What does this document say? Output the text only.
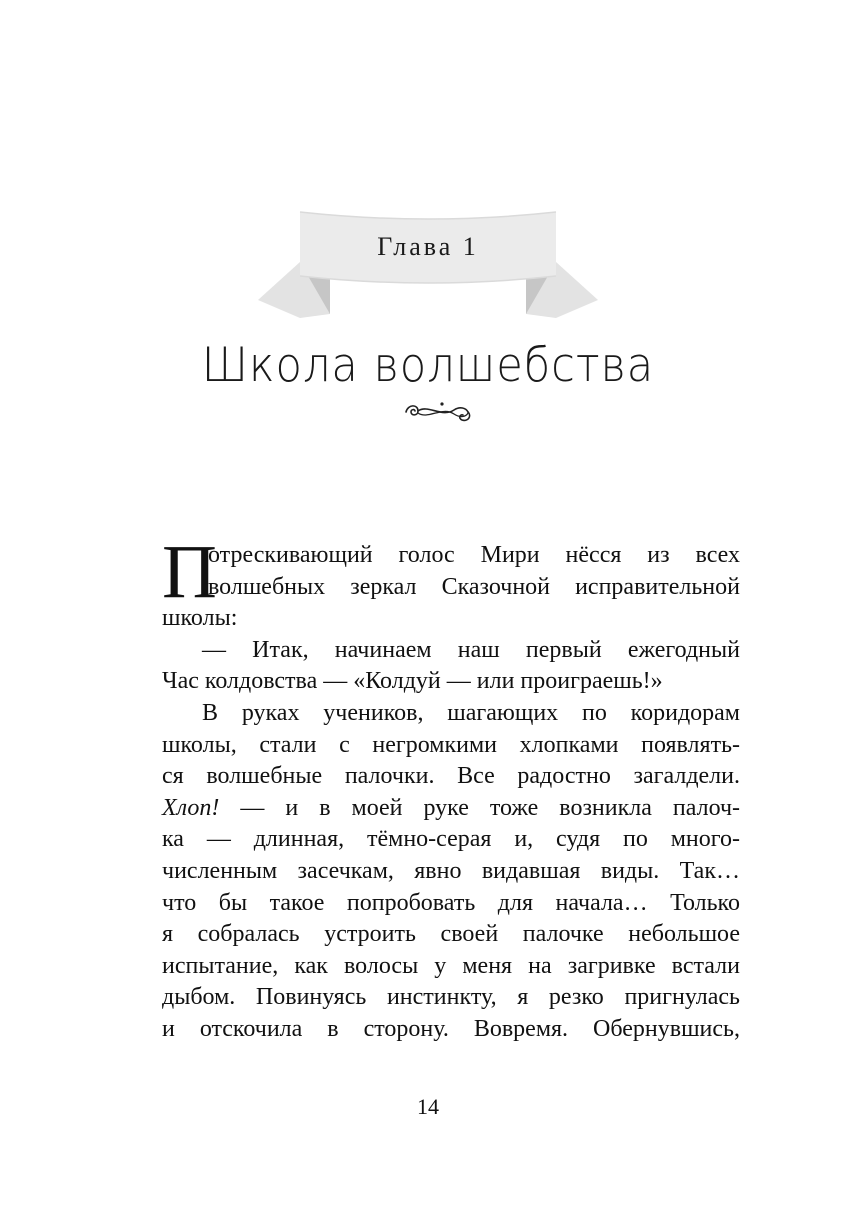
Глава 1
Школа волшебства
П
отрескивающий голос Мири нёсся из всех
волшебных зеркал Сказочной исправительной
школы:
— Итак, начинаем наш первый ежегодный
Час колдовства — «Колдуй — или проиграешь!»
В руках учеников, шагающих по коридорам
школы, стали с негромкими хлопками появлять-
ся волшебные палочки. Все радостно загалдели.
Хлоп! — и в моей руке тоже возникла палоч-
ка — длинная, тёмно-серая и, судя по много-
численным засечкам, явно видавшая виды. Так…
что бы такое попробовать для начала… Только
я собралась устроить своей палочке небольшое
испытание, как волосы у меня на загривке встали
дыбом. Повинуясь инстинкту, я резко пригнулась
и отскочила в сторону. Вовремя. Обернувшись,
14
